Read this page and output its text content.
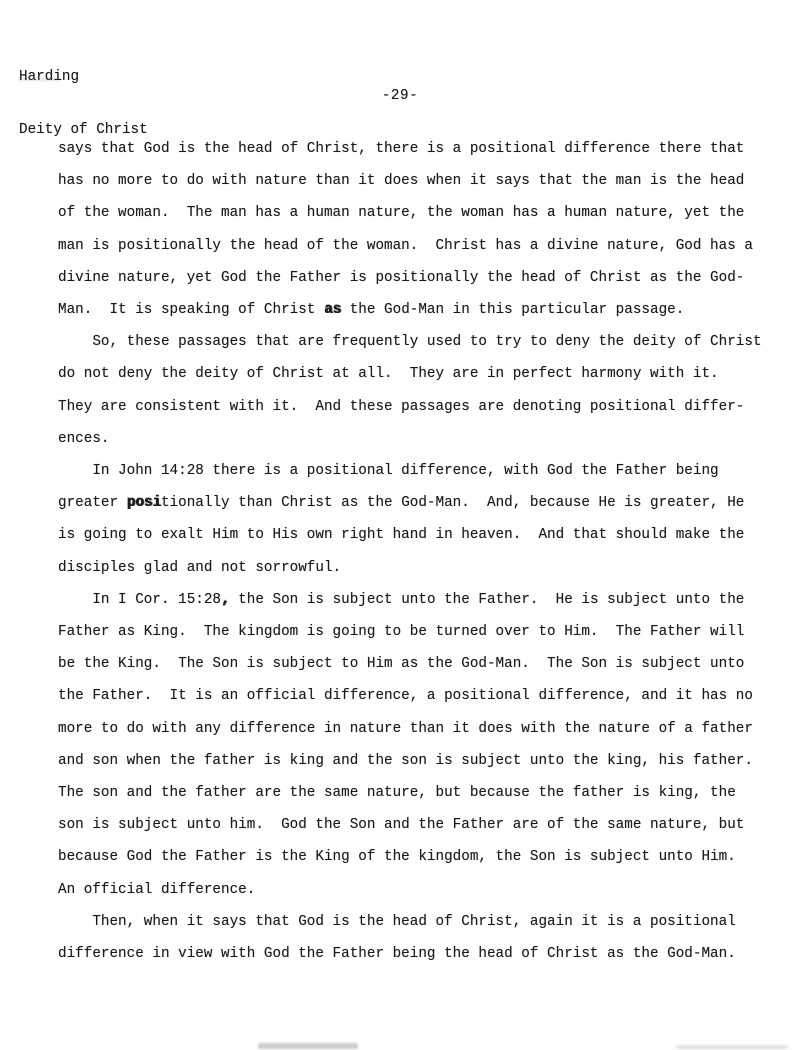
Harding

Deity of Christ

-29-
says that God is the head of Christ, there is a positional difference there that
has no more to do with nature than it does when it says that the man is the head
of the woman.  The man has a human nature, the woman has a human nature, yet the
man is positionally the head of the woman.  Christ has a divine nature, God has a
divine nature, yet God the Father is positionally the head of Christ as the God-
Man.  It is speaking of Christ as the God-Man in this particular passage.
So, these passages that are frequently used to try to deny the deity of Christ
do not deny the deity of Christ at all.  They are in perfect harmony with it.
They are consistent with it.  And these passages are denoting positional differ-
ences.
In John 14:28 there is a positional difference, with God the Father being
greater positionally than Christ as the God-Man.  And, because He is greater, He
is going to exalt Him to His own right hand in heaven.  And that should make the
disciples glad and not sorrowful.
In I Cor. 15:28, the Son is subject unto the Father.  He is subject unto the
Father as King.  The kingdom is going to be turned over to Him.  The Father will
be the King.  The Son is subject to Him as the God-Man.  The Son is subject unto
the Father.  It is an official difference, a positional difference, and it has no
more to do with any difference in nature than it does with the nature of a father
and son when the father is king and the son is subject unto the king, his father.
The son and the father are the same nature, but because the father is king, the
son is subject unto him.  God the Son and the Father are of the same nature, but
because God the Father is the King of the kingdom, the Son is subject unto Him.
An official difference.
Then, when it says that God is the head of Christ, again it is a positional
difference in view with God the Father being the head of Christ as the God-Man.
